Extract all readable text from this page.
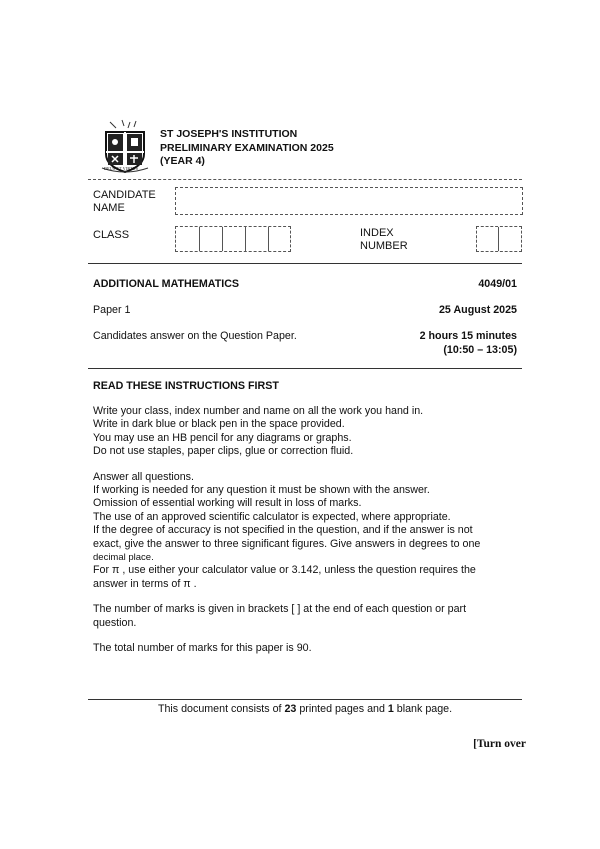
DEUS ET VIRTUS
ST JOSEPH'S INSTITUTION
PRELIMINARY EXAMINATION 2025
(YEAR 4)
CANDIDATE
NAME
CLASS	INDEX
NUMBER
ADDITIONAL MATHEMATICS	4049/01
Paper 1	25 August 2025
Candidates answer on the Question Paper.	2 hours 15 minutes
(10:50 – 13:05)
READ THESE INSTRUCTIONS FIRST

Write your class, index number and name on all the work you hand in.

Write in dark blue or black pen in the space provided.

You may use an HB pencil for any diagrams or graphs.

Do not use staples, paper clips, glue or correction fluid.

Answer all questions.

If working is needed for any question it must be shown with the answer.

Omission of essential working will result in loss of marks.

The use of an approved scientific calculator is expected, where appropriate.

If the degree of accuracy is not specified in the question, and if the answer is not

exact, give the answer to three significant figures. Give answers in degrees to one

decimal place.

For π , use either your calculator value or 3.142, unless the question requires the

answer in terms of π .

The number of marks is given in brackets [ ] at the end of each question or part

question.

The total number of marks for this paper is 90.

This document consists of 23 printed pages and 1 blank page.
[Turn over
